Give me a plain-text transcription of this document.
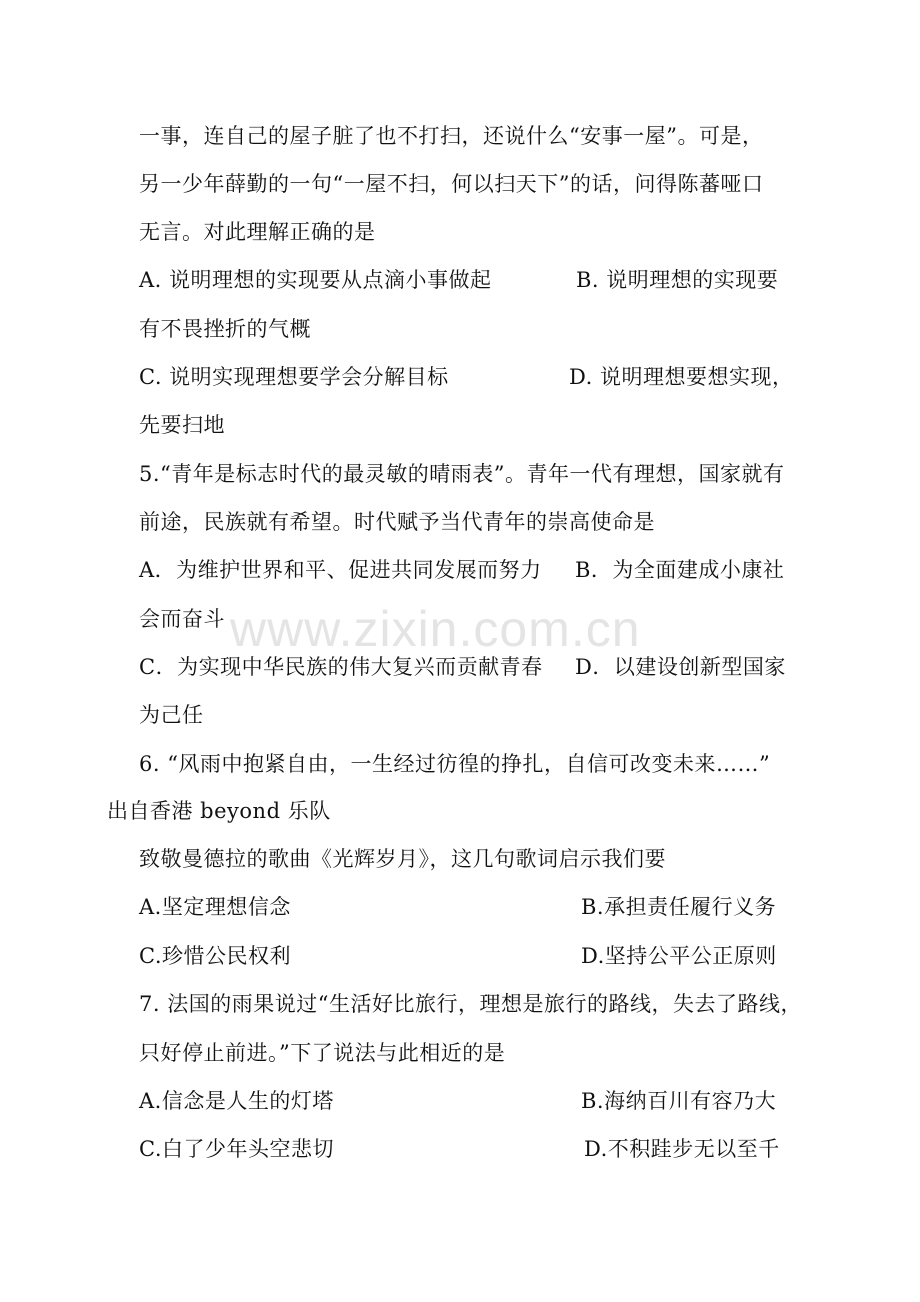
一事，连自己的屋子脏了也不打扫，还说什么“安事一屋”。可是，
另一少年薛勤的一句“一屋不扫，何以扫天下”的话，问得陈蕃哑口
无言。对此理解正确的是
A. 说明理想的实现要从点滴小事做起	B. 说明理想的实现要
有不畏挫折的气概
C. 说明实现理想要学会分解目标	D. 说明理想要想实现，
先要扫地
5.“青年是标志时代的最灵敏的晴雨表”。青年一代有理想，国家就有
前途，民族就有希望。时代赋予当代青年的崇高使命是
A．为维护世界和平、促进共同发展而努力 B．为全面建成小康社
会而奋斗
C．为实现中华民族的伟大复兴而贡献青春 D．以建设创新型国家
为己任
6. “风雨中抱紧自由，一生经过彷徨的挣扎，自信可改变未来……”
出自香港 beyond 乐队
致敬曼德拉的歌曲《光辉岁月》，这几句歌词启示我们要
A.坚定理想信念	B.承担责任履行义务
C.珍惜公民权利	D.坚持公平公正原则
7. 法国的雨果说过“生活好比旅行，理想是旅行的路线，失去了路线，
只好停止前进。”下了说法与此相近的是
A.信念是人生的灯塔	B.海纳百川有容乃大
C.白了少年头空悲切	D.不积跬步无以至千
www.zixin.com.cn
